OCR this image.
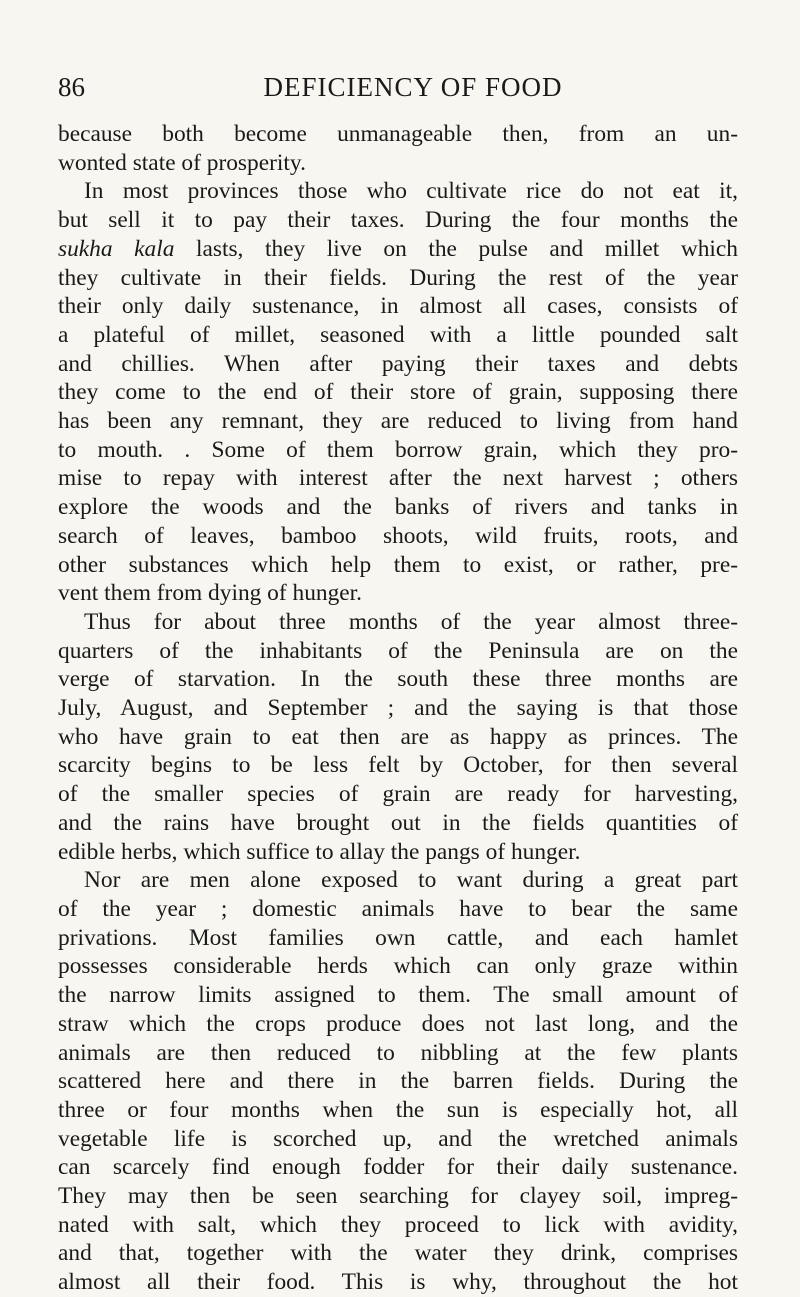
86	DEFICIENCY OF FOOD
because both become unmanageable then, from an un-
wonted state of prosperity.
In most provinces those who cultivate rice do not eat it,
but sell it to pay their taxes. During the four months the
sukha kala lasts, they live on the pulse and millet which
they cultivate in their fields. During the rest of the year
their only daily sustenance, in almost all cases, consists of
a plateful of millet, seasoned with a little pounded salt
and chillies. When after paying their taxes and debts
they come to the end of their store of grain, supposing there
has been any remnant, they are reduced to living from hand
to mouth. . Some of them borrow grain, which they pro-
mise to repay with interest after the next harvest ; others
explore the woods and the banks of rivers and tanks in
search of leaves, bamboo shoots, wild fruits, roots, and
other substances which help them to exist, or rather, pre-
vent them from dying of hunger.
Thus for about three months of the year almost three-
quarters of the inhabitants of the Peninsula are on the
verge of starvation. In the south these three months are
July, August, and September ; and the saying is that those
who have grain to eat then are as happy as princes. The
scarcity begins to be less felt by October, for then several
of the smaller species of grain are ready for harvesting,
and the rains have brought out in the fields quantities of
edible herbs, which suffice to allay the pangs of hunger.
Nor are men alone exposed to want during a great part
of the year ; domestic animals have to bear the same
privations. Most families own cattle, and each hamlet
possesses considerable herds which can only graze within
the narrow limits assigned to them. The small amount of
straw which the crops produce does not last long, and the
animals are then reduced to nibbling at the few plants
scattered here and there in the barren fields. During the
three or four months when the sun is especially hot, all
vegetable life is scorched up, and the wretched animals
can scarcely find enough fodder for their daily sustenance.
They may then be seen searching for clayey soil, impreg-
nated with salt, which they proceed to lick with avidity,
and that, together with the water they drink, comprises
almost all their food. This is why, throughout the hot
